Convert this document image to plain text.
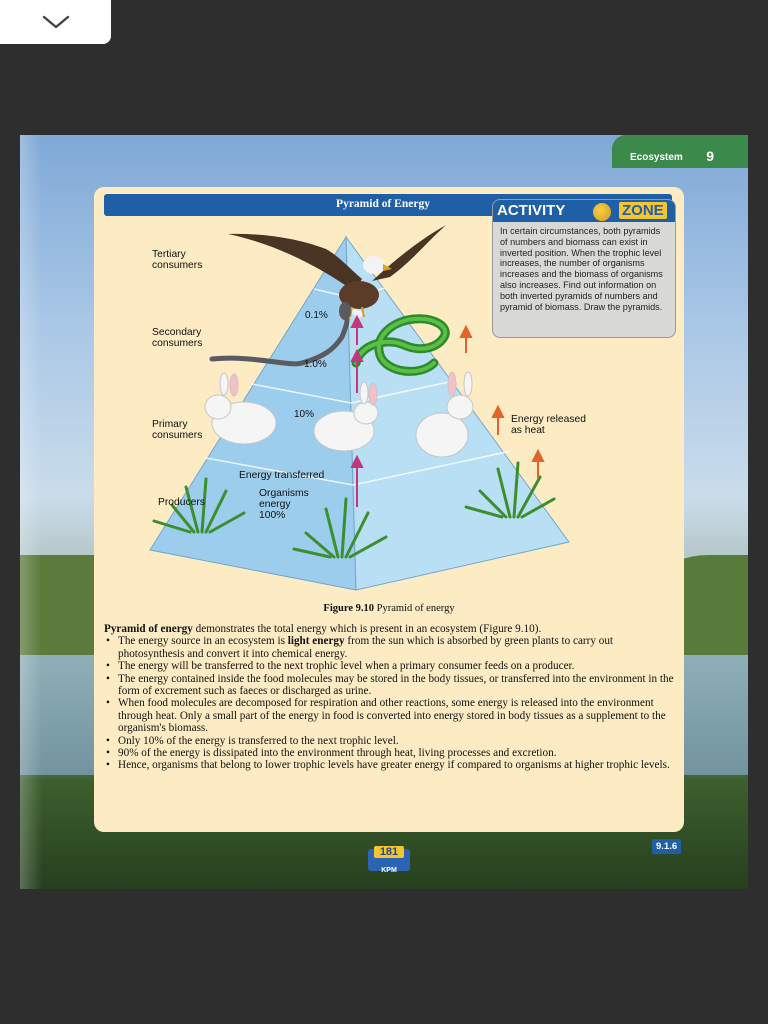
Ecosystem 9
Pyramid of Energy
Tertiary
consumers
Secondary
consumers
Primary
consumers
Producers
Energy transferred
Organisms
energy
100%
Energy released
as heat
0.1%
1.0%
10%
ACTIVITY	ZONE
In certain circumstances, both pyramids of numbers and biomass can exist in inverted position. When the trophic level increases, the number of organisms increases and the biomass of organisms also increases. Find out information on both inverted pyramids of numbers and pyramid of biomass. Draw the pyramids.
Figure 9.10 Pyramid of energy

Pyramid of energy demonstrates the total energy which is present in an ecosystem (Figure 9.10).

• The energy source in an ecosystem is light energy from the sun which is absorbed by green plants to carry out photosynthesis and convert it into chemical energy.
• The energy will be transferred to the next trophic level when a primary consumer feeds on a producer.
• The energy contained inside the food molecules may be stored in the body tissues, or transferred into the environment in the form of excrement such as faeces or discharged as urine.
• When food molecules are decomposed for respiration and other reactions, some energy is released into the environment through heat. Only a small part of the energy in food is converted into energy stored in body tissues as a supplement to the organism's biomass.
• Only 10% of the energy is transferred to the next trophic level.
• 90% of the energy is dissipated into the environment through heat, living processes and excretion.
• Hence, organisms that belong to lower trophic levels have greater energy if compared to organisms at higher trophic levels.
9.1.6
181
KPM
